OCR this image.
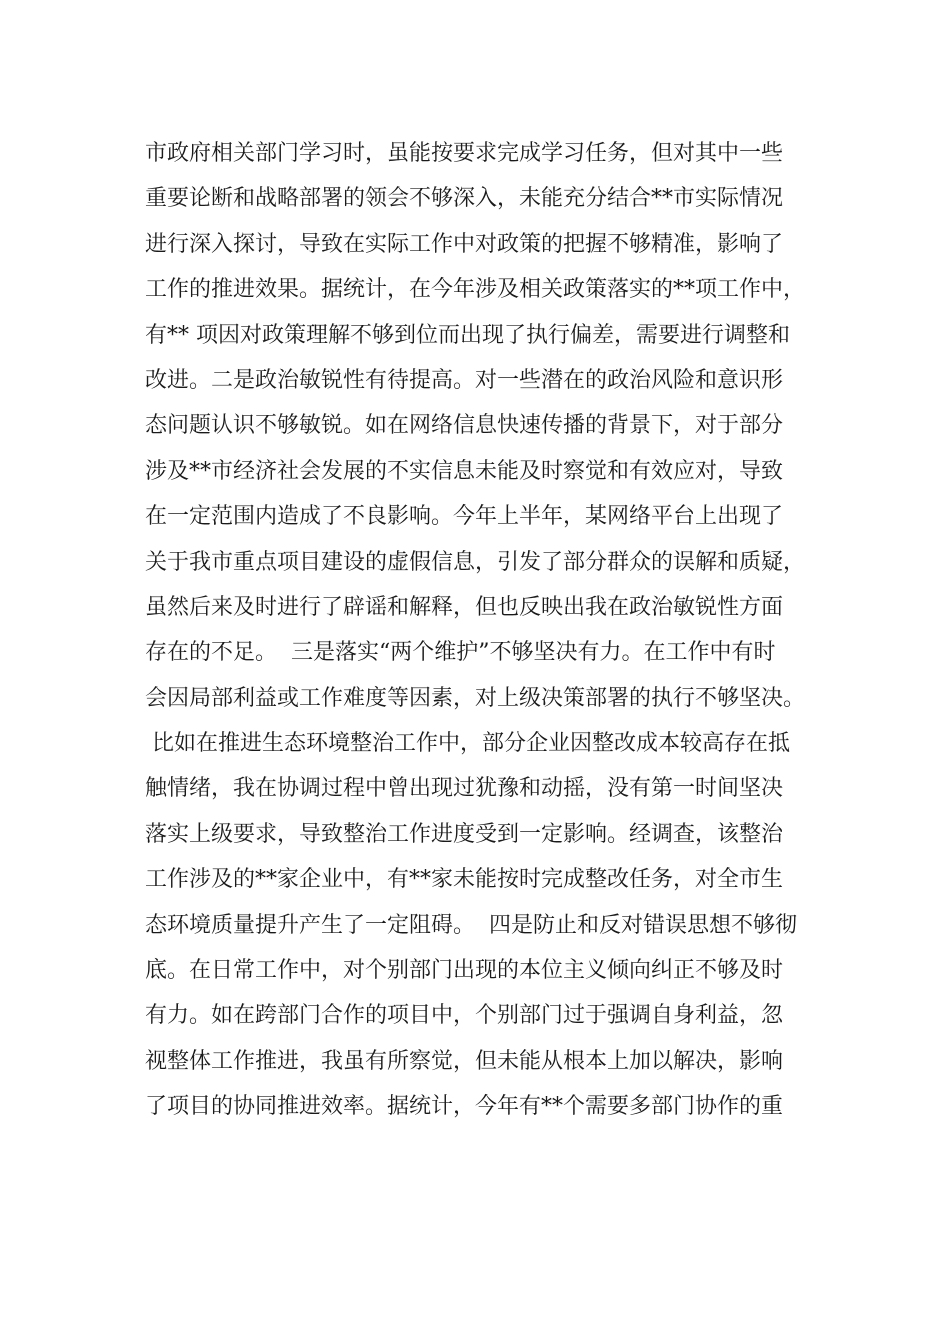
市政府相关部门学习时，虽能按要求完成学习任务，但对其中一些
重要论断和战略部署的领会不够深入，未能充分结合**市实际情况
进行深入探讨，导致在实际工作中对政策的把握不够精准，影响了
工作的推进效果。据统计，在今年涉及相关政策落实的**项工作中，
有** 项因对政策理解不够到位而出现了执行偏差，需要进行调整和
改进。二是政治敏锐性有待提高。对一些潜在的政治风险和意识形
态问题认识不够敏锐。如在网络信息快速传播的背景下，对于部分
涉及**市经济社会发展的不实信息未能及时察觉和有效应对，导致
在一定范围内造成了不良影响。今年上半年，某网络平台上出现了
关于我市重点项目建设的虚假信息，引发了部分群众的误解和质疑，
虽然后来及时进行了辟谣和解释，但也反映出我在政治敏锐性方面
存在的不足。  三是落实“两个维护”不够坚决有力。在工作中有时
会因局部利益或工作难度等因素，对上级决策部署的执行不够坚决。
比如在推进生态环境整治工作中，部分企业因整改成本较高存在抵
触情绪，我在协调过程中曾出现过犹豫和动摇，没有第一时间坚决
落实上级要求，导致整治工作进度受到一定影响。经调查，该整治
工作涉及的**家企业中，有**家未能按时完成整改任务，对全市生
态环境质量提升产生了一定阻碍。  四是防止和反对错误思想不够彻
底。在日常工作中，对个别部门出现的本位主义倾向纠正不够及时
有力。如在跨部门合作的项目中，个别部门过于强调自身利益，忽
视整体工作推进，我虽有所察觉，但未能从根本上加以解决，影响
了项目的协同推进效率。据统计，今年有**个需要多部门协作的重
